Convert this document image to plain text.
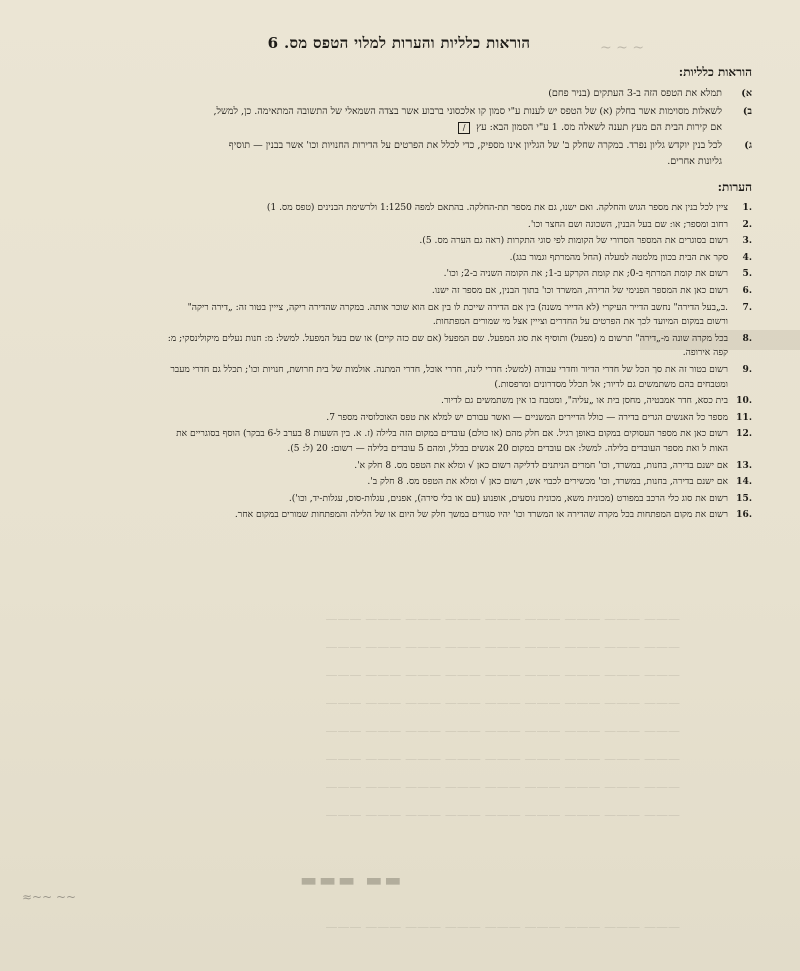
הוראות כלליות והערות למלוי הטפס מס. 6
הוראות כלליות:
א)
תמלא את הטפס הזה ב-3 העתקים (בניר פחם)
ב)
לשאלות מסוימות אשר בחלק (א) של הטפס יש לענות ע"י סמון קו אלכסוני ברבוע אשר בצדה השמאלי של התשובה המתאימה. כן, למשל, אם קירות הבית הם מעץ תענה לשאלה מס. 1 ע"י הסמון הבא: עץ /
ג)
לכל בנין יוקדש גליון נפרד. במקרה שחלק ב' של הגליון אינו מספיק, כדי לכלל את הפרטים על הדירות החנויות וכו' אשר בבנין — תוסיף גליונות אחרים.
הערות:
.1
ציין לכל בנין את מספר הגוש והחלקה. ואם ישנו, גם את מספר תת-החלקה. בהתאם למפה 1:1250 ולרשימת הבנינים (טפס מס. 1)
.2
רחוב ומספר; או: שם בעל הבנין, השכונה ושם החצר וכו'.
.3
רשום בסוגרים את המספר הסדורי של הקומות לפי סוגי התקרות (ראה גם הערה מס. 5).
.4
סקר את הבית בכוון מלמטה למעלה (החל מהמרתף וגמור בגג).
.5
רשום את קומת המרתף ב-0; את קומת הקרקע ב-1; את הקומה השניה ב-2; וכו'.
.6
רשום כאן את המספר הפנימי של הדירה, המשרד וכו' בתוך הבנין, אם מספר זה ישנו.
.7
.ב„בעל הדירה" נחשב הדייר העיקרי (לא הדייר משנה) בין אם הדירה שייכת לו בין אם הוא שוכר אותה. במקרה שהדירה ריקה, צייין בטור זה: „דירה ריקה" ורשום במקום המיועד לכך את הפרטים על החדרים וצייין אצל מי שמורים המפתחות.
.8
בכל מקרה שונה מ-„דירה" תרשום מ (מפעל) ותוסיף את סוג המפעל. שם המפעל (אם שם כזה קיים) או שם בעל המפעל. למשל: מ: חנות נעלים מיקולינסקי; מ: קפה אירופה.
.9
רשום בטור זה את סך הכל של חדרי הדיור וחדרי עבודה (למשל: חדרי לינה, חדרי אוכל, חדרי המתנה. אולמות של בית חרושת, חנויות וכו'; תכלל גם חדרי מעבר ומטבחים בהם משתמשים גם לדיור; אל תכלל מסדרונים ומרפסות.)
.10
בית כסא, חדר אמבטיה, מחסן בית או „עליה", ומטבח בו אין משתמשים גם לדיור.
.11
מספר כל האנשים הגרים בדירה — כולל הדיירים המשניים — ואשר עבורם יש למלא את טפס האוכלוסיה מספר 7.
.12
רשום כאן את מספר העסוקים במקום באופן רגיל. אם חלק מהם (או כולם) עובדים במקום הזה בלילה (ז. א. בין השעות 8 בערב ל-6 בבקר) הוסף בסוגריים את האות ל ואת מספר העובדים בלילה. למשל: אם עובדים במקום 20 אנשים בבלל, ומהם 5 עובדים בלילה — רשום: 20 (ל: 5).
.13
אם ישנם בדירה, בחנות, במשרד, וכו' חמרים הניתנים לדליקה רשום כאן √ ומלא את הטפס מס. 8 חלק א'.
.14
אם ישנם בדירה, בחנות, במשרד, וכו' מכשירים לכבוי אש, רשום כאן √ ומלא את הטפס מס. 8 חלק ב'.
.15
רשום את סוג כלי הרכב במפורט (מכונית משא, מכונית נוסעים, אופנוע (עם או בלי סירה), אפנים, עגלות-סוס, עגלות-יד, וכו').
.16
רשום את מקום המפתחות בכל מקרה שהדירה או המשרד וכו' יהיו סגורים במשך חלק של היום או של הלילה והמפתחות שמורים במקום אחר.
——— ——— ——— ——— ——— ——— ——— ——— ———
——— ——— ——— ——— ——— ——— ——— ——— ———
——— ——— ——— ——— ——— ——— ——— ——— ———
——— ——— ——— ——— ——— ——— ——— ——— ———
——— ——— ——— ——— ——— ——— ——— ——— ———
——— ——— ——— ——— ——— ——— ——— ——— ———
——— ——— ——— ——— ——— ——— ——— ——— ———
——— ——— ——— ——— ——— ——— ——— ——— ———
——— ——— ——— ——— ——— ——— ——— ——— ———
▬▬ ▬▬▬
≈~~ ~~
~ ~ ~
